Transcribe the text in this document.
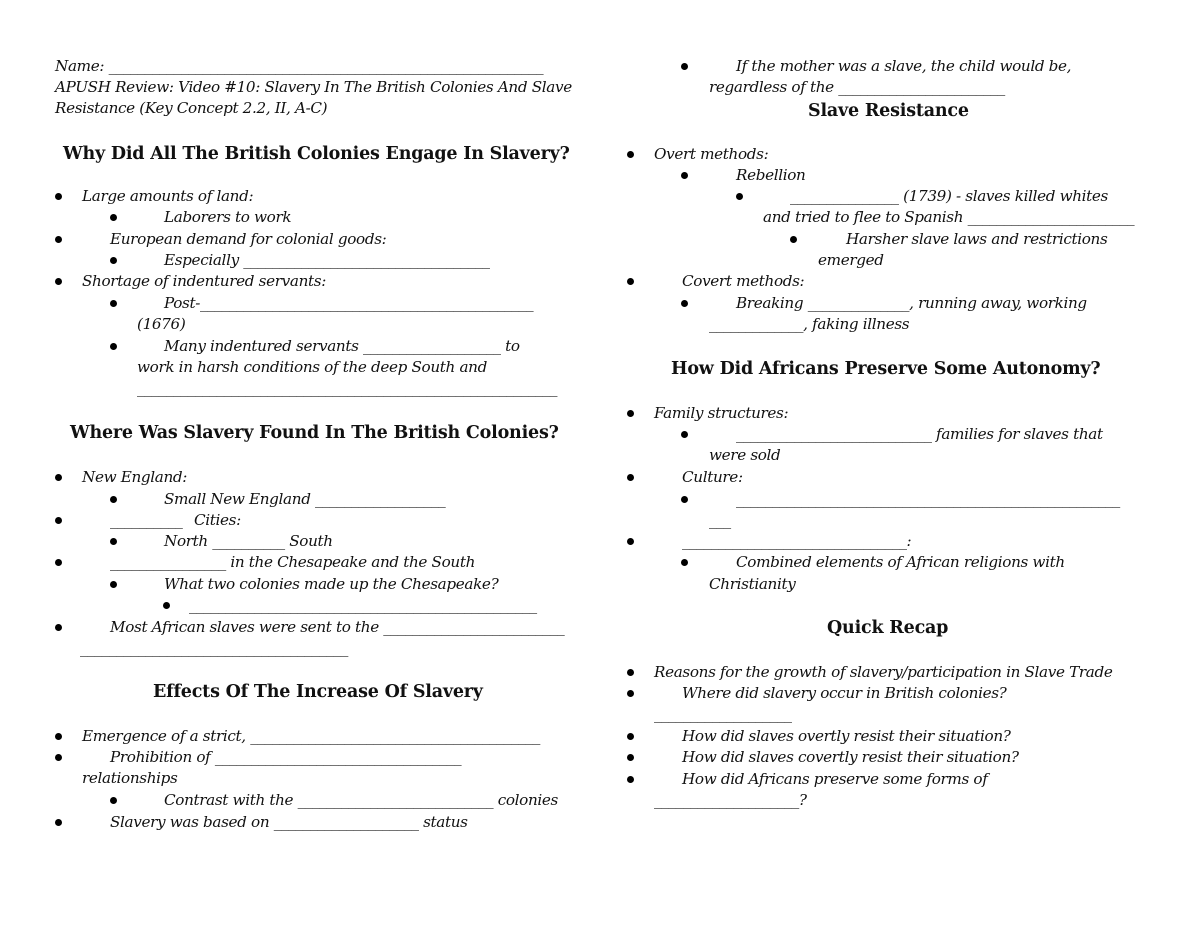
Name: ____________________________________________________________
APUSH Review: Video #10: Slavery In The British Colonies And Slave
Resistance (Key Concept 2.2, II, A-C)
Why Did All The British Colonies Engage In Slavery?
Large amounts of land:
Laborers to work
European demand for colonial goods:
Especially __________________________________
Shortage of indentured servants:
Post-______________________________________________
(1676)
Many indentured servants ___________________ to
work in harsh conditions of the deep South and
__________________________________________________________
Where Was Slavery Found In The British Colonies?
New England:
Small New England __________________
__________ Cities:
North __________ South
________________ in the Chesapeake and the South
What two colonies made up the Chesapeake?
________________________________________________
Most African slaves were sent to the _________________________
_____________________________________
Effects Of The Increase Of Slavery
Emergence of a strict, ________________________________________
Prohibition of __________________________________
relationships
Contrast with the ___________________________ colonies
Slavery was based on ____________________ status
If the mother was a slave, the child would be,
regardless of the _______________________
Slave Resistance
Overt methods:
Rebellion
_______________ (1739) - slaves killed whites
and tried to flee to Spanish _______________________
Harsher slave laws and restrictions
emerged
Covert methods:
Breaking ______________, running away, working
_____________, faking illness
How Did Africans Preserve Some Autonomy?
Family structures:
___________________________ families for slaves that
were sold
Culture:
_____________________________________________________
___
_______________________________:
Combined elements of African religions with
Christianity
Quick Recap
Reasons for the growth of slavery/participation in Slave Trade
Where did slavery occur in British colonies?
___________________
How did slaves overtly resist their situation?
How did slaves covertly resist their situation?
How did Africans preserve some forms of
____________________?
